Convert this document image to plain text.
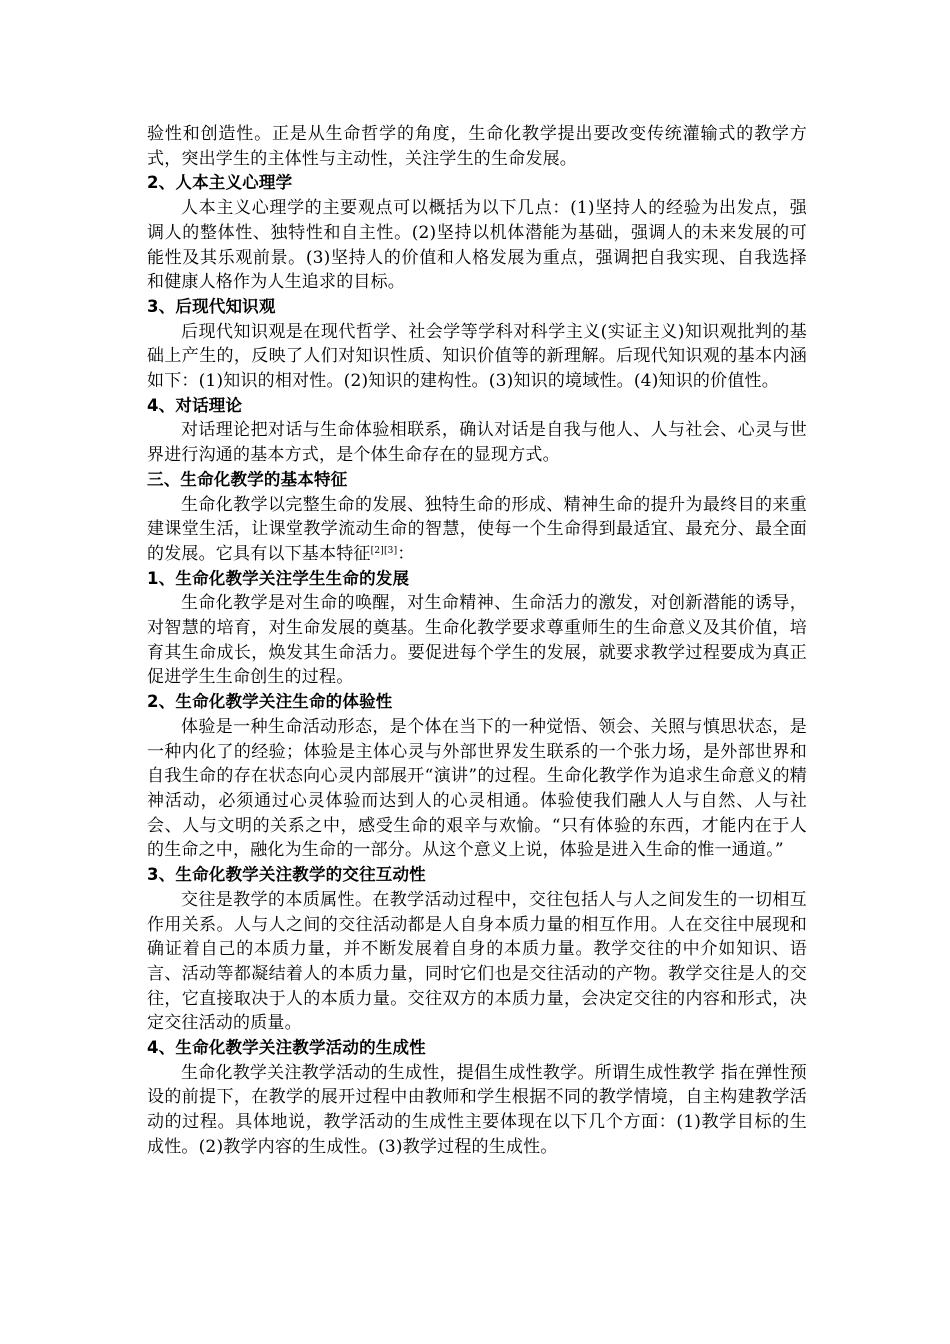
验性和创造性。正是从生命哲学的角度，生命化教学提出要改变传统灌输式的教学方式，突出学生的主体性与主动性，关注学生的生命发展。

2、人本主义心理学

人本主义心理学的主要观点可以概括为以下几点：(1)坚持人的经验为出发点，强调人的整体性、独特性和自主性。(2)坚持以机体潜能为基础，强调人的未来发展的可能性及其乐观前景。(3)坚持人的价值和人格发展为重点，强调把自我实现、自我选择和健康人格作为人生追求的目标。

3、后现代知识观

后现代知识观是在现代哲学、社会学等学科对科学主义(实证主义)知识观批判的基础上产生的，反映了人们对知识性质、知识价值等的新理解。后现代知识观的基本内涵如下：(1)知识的相对性。(2)知识的建构性。(3)知识的境域性。(4)知识的价值性。

4、对话理论

对话理论把对话与生命体验相联系，确认对话是自我与他人、人与社会、心灵与世界进行沟通的基本方式，是个体生命存在的显现方式。

三、生命化教学的基本特征

生命化教学以完整生命的发展、独特生命的形成、精神生命的提升为最终目的来重建课堂生活，让课堂教学流动生命的智慧，使每一个生命得到最适宜、最充分、最全面的发展。它具有以下基本特征[2][3]：

1、生命化教学关注学生生命的发展

生命化教学是对生命的唤醒，对生命精神、生命活力的激发，对创新潜能的诱导，对智慧的培育，对生命发展的奠基。生命化教学要求尊重师生的生命意义及其价值，培育其生命成长，焕发其生命活力。要促进每个学生的发展，就要求教学过程要成为真正促进学生生命创生的过程。

2、生命化教学关注生命的体验性

体验是一种生命活动形态，是个体在当下的一种觉悟、领会、关照与慎思状态，是一种内化了的经验；体验是主体心灵与外部世界发生联系的一个张力场，是外部世界和自我生命的存在状态向心灵内部展开“演讲”的过程。生命化教学作为追求生命意义的精神活动，必须通过心灵体验而达到人的心灵相通。体验使我们融人人与自然、人与社会、人与文明的关系之中，感受生命的艰辛与欢愉。“只有体验的东西，才能内在于人的生命之中，融化为生命的一部分。从这个意义上说，体验是进入生命的惟一通道。”

3、生命化教学关注教学的交往互动性

交往是教学的本质属性。在教学活动过程中，交往包括人与人之间发生的一切相互作用关系。人与人之间的交往活动都是人自身本质力量的相互作用。人在交往中展现和确证着自己的本质力量，并不断发展着自身的本质力量。教学交往的中介如知识、语言、活动等都凝结着人的本质力量，同时它们也是交往活动的产物。教学交往是人的交往，它直接取决于人的本质力量。交往双方的本质力量，会决定交往的内容和形式，决定交往活动的质量。

4、生命化教学关注教学活动的生成性

生命化教学关注教学活动的生成性，提倡生成性教学。所谓生成性教学 指在弹性预设的前提下，在教学的展开过程中由教师和学生根据不同的教学情境，自主构建教学活动的过程。具体地说，教学活动的生成性主要体现在以下几个方面：(1)教学目标的生成性。(2)教学内容的生成性。(3)教学过程的生成性。
